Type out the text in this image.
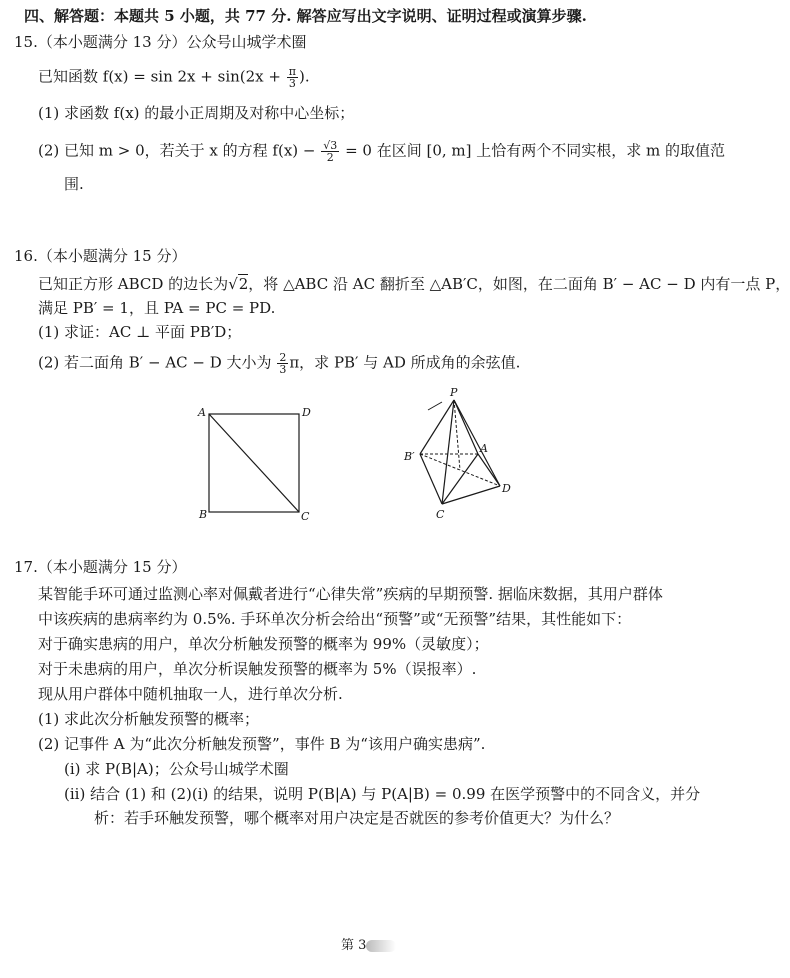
四、解答题：本题共 5 小题，共 77 分. 解答应写出文字说明、证明过程或演算步骤.
15.（本小题满分 13 分）公众号山城学术圈
已知函数 $f(x) = \sin 2x + \sin(2x + \frac{\pi}{3}$ ).
(1) 求函数 f(x) 的最小正周期及对称中心坐标；
(2) 已知 m > 0，若关于 x 的方程 $f(x) - \frac{√3}{2} = 0$ 在区间 [0, m] 上恰有两个不同实根，求 m 的取值范
围.
16.（本小题满分 15 分）
已知正方形 ABCD 的边长为√2，将 △ABC 沿 AC 翻折至 △AB′C，如图，在二面角 B′ − AC − D 内有一点 P，
满足 PB′ = 1，且 PA = PC = PD.
(1) 求证：AC ⊥ 平面 PB′D；
(2) 若二面角 B′ − AC − D 大小为 $\frac{2}{3}$ π，求 PB′ 与 AD 所成角的余弦值.
A	D
B	C
P
B′
A
C
D
17.（本小题满分 15 分）
某智能手环可通过监测心率对佩戴者进行“心律失常”疾病的早期预警. 据临床数据，其用户群体
中该疾病的患病率约为 0.5%. 手环单次分析会给出“预警”或“无预警”结果，其性能如下：
对于确实患病的用户，单次分析触发预警的概率为 99%（灵敏度）；
对于未患病的用户，单次分析误触发预警的概率为 5%（误报率）.
现从用户群体中随机抽取一人，进行单次分析.
(1) 求此次分析触发预警的概率；
(2) 记事件 A 为“此次分析触发预警”，事件 B 为“该用户确实患病”.
(i) 求 P(B|A)；公众号山城学术圈
(ii) 结合 (1) 和 (2)(i) 的结果，说明 P(B|A) 与 P(A|B) = 0.99 在医学预警中的不同含义，并分
析：若手环触发预警，哪个概率对用户决定是否就医的参考价值更大？为什么？
第 3
